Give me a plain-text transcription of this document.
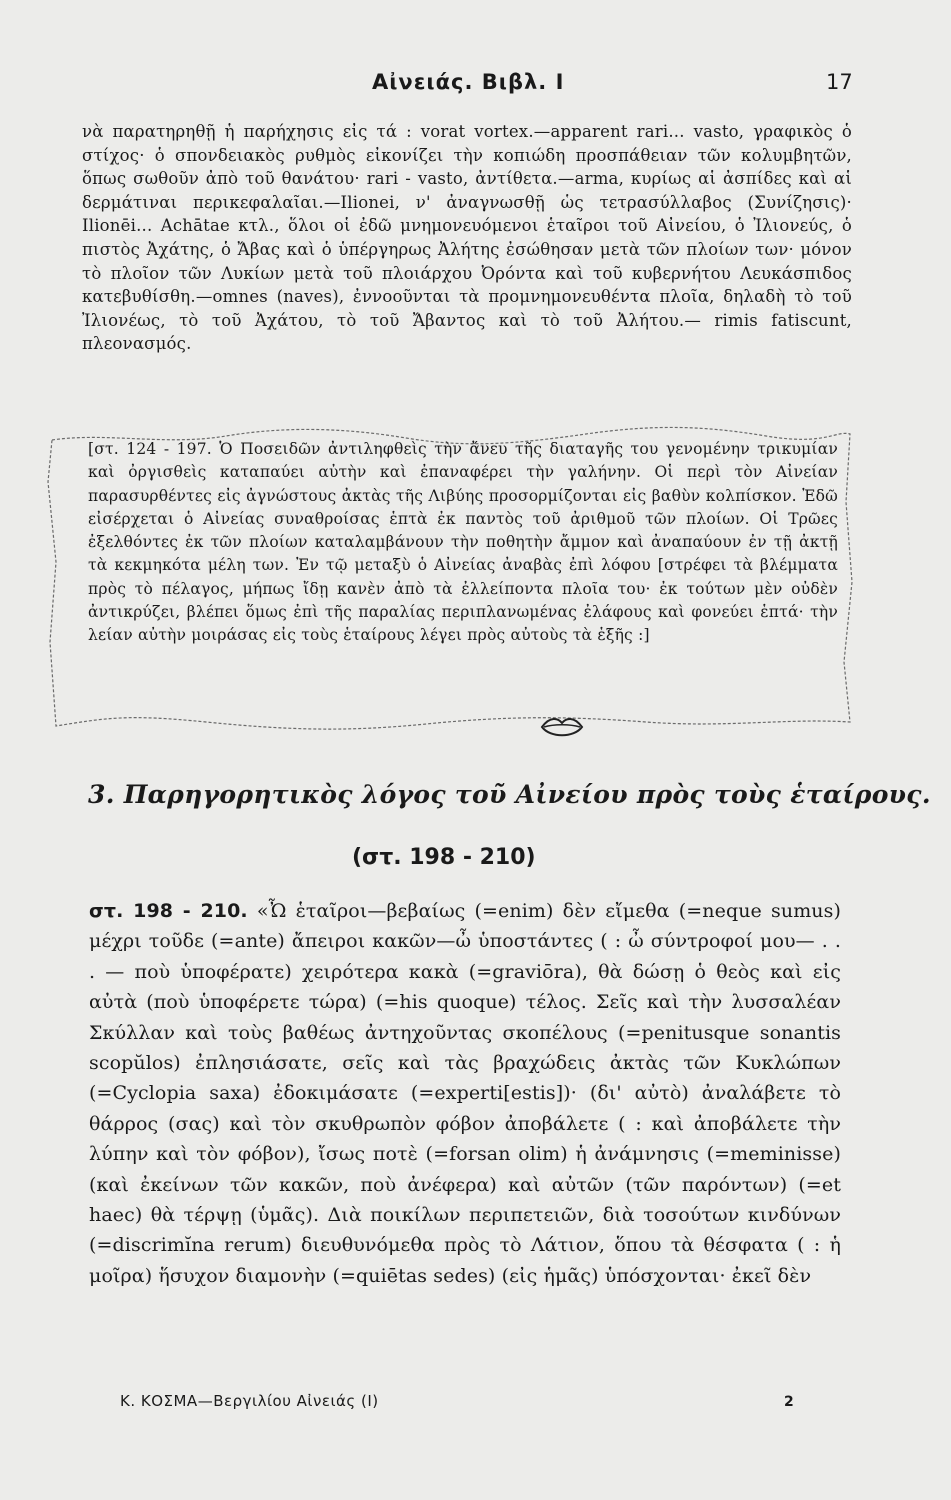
Αἰνειάς. Βιβλ. I	17

νὰ παρατηρηθῇ ἡ παρήχησις εἰς τά : vorat vortex.—apparent rari... vasto, γραφικὸς ὁ στίχος· ὁ σπονδειακὸς ρυθμὸς εἰκονίζει τὴν κοπιώδη προσπάθειαν τῶν κολυμβητῶν, ὅπως σωθοῦν ἀπὸ τοῦ θανάτου· rari - vasto, ἀντίθετα.—arma, κυρίως αἱ ἀσπίδες καὶ αἱ δερμάτιναι περικεφαλαῖαι.—Ilionei, ν' ἀναγνωσθῇ ὡς τετρασύλλαβος (Συνίζησις)· Ilionēi... Achātae κτλ., ὅλοι οἱ ἐδῶ μνημονευόμενοι ἑταῖροι τοῦ Αἰνείου, ὁ Ἰλιονεύς, ὁ πιστὸς Ἀχάτης, ὁ Ἄβας καὶ ὁ ὑπέργηρως Ἀλήτης ἐσώθησαν μετὰ τῶν πλοίων των· μόνον τὸ πλοῖον τῶν Λυκίων μετὰ τοῦ πλοιάρχου Ὀρόντα καὶ τοῦ κυβερνήτου Λευκάσπιδος κατεβυθίσθη.—omnes (naves), ἐννοοῦνται τὰ προμνημονευθέντα πλοῖα, δηλαδὴ τὸ τοῦ Ἰλιονέως, τὸ τοῦ Ἀχάτου, τὸ τοῦ Ἄβαντος καὶ τὸ τοῦ Ἀλήτου.— rimis fatiscunt, πλεονασμός.

[στ. 124 - 197. Ὁ Ποσειδῶν ἀντιληφθεὶς τὴν ἄνευ τῆς διαταγῆς του γενομένην τρικυμίαν καὶ ὀργισθεὶς καταπαύει αὐτὴν καὶ ἐπαναφέρει τὴν γαλήνην. Οἱ περὶ τὸν Αἰνείαν παρασυρθέντες εἰς ἀγνώστους ἀκτὰς τῆς Λιβύης προσορμίζονται εἰς βαθὺν κολπίσκον. Ἐδῶ εἰσέρχεται ὁ Αἰνείας συναθροίσας ἑπτὰ ἐκ παντὸς τοῦ ἀριθμοῦ τῶν πλοίων. Οἱ Τρῶες ἐξελθόντες ἐκ τῶν πλοίων καταλαμβάνουν τὴν ποθητὴν ἄμμον καὶ ἀναπαύουν ἐν τῇ ἀκτῇ τὰ κεκμηκότα μέλη των. Ἐν τῷ μεταξὺ ὁ Αἰνείας ἀναβὰς ἐπὶ λόφου [στρέφει τὰ βλέμματα πρὸς τὸ πέλαγος, μήπως ἴδῃ κανὲν ἀπὸ τὰ ἐλλείποντα πλοῖα του· ἐκ τούτων μὲν οὐδὲν ἀντικρύζει, βλέπει ὅμως ἐπὶ τῆς παραλίας περιπλανωμένας ἐλάφους καὶ φονεύει ἑπτά· τὴν λείαν αὐτὴν μοιράσας εἰς τοὺς ἑταίρους λέγει πρὸς αὐτοὺς τὰ ἑξῆς :]

3. Παρηγορητικὸς λόγος τοῦ Αἰνείου πρὸς τοὺς ἑταίρους.
(στ. 198 - 210)

στ. 198 - 210. «Ὦ ἑταῖροι—βεβαίως (=enim) δὲν εἴμεθα (=neque sumus) μέχρι τοῦδε (=ante) ἄπειροι κακῶν—ὦ ὑποστάντες ( : ὦ σύντροφοί μου— . . . — ποὺ ὑποφέρατε) χειρότερα κακὰ (=graviōra), θὰ δώσῃ ὁ θεὸς καὶ εἰς αὐτὰ (ποὺ ὑποφέρετε τώρα) (=his quoque) τέλος. Σεῖς καὶ τὴν λυσσαλέαν Σκύλλαν καὶ τοὺς βαθέως ἀντηχοῦντας σκοπέλους (=penitusque sonantis scopŭlos) ἐπλησιάσατε, σεῖς καὶ τὰς βραχώδεις ἀκτὰς τῶν Κυκλώπων (=Cyclopia saxa) ἐδοκιμάσατε (=experti[estis])· (δι' αὐτὸ) ἀναλάβετε τὸ θάρρος (σας) καὶ τὸν σκυθρωπὸν φόβον ἀποβάλετε ( : καὶ ἀποβάλετε τὴν λύπην καὶ τὸν φόβον), ἴσως ποτὲ (=forsan olim) ἡ ἀνάμνησις (=meminisse) (καὶ ἐκείνων τῶν κακῶν, ποὺ ἀνέφερα) καὶ αὐτῶν (τῶν παρόντων) (=et haec) θὰ τέρψῃ (ὑμᾶς). Διὰ ποικίλων περιπετειῶν, διὰ τοσούτων κινδύνων (=discrimĭna rerum) διευθυνόμεθα πρὸς τὸ Λάτιον, ὅπου τὰ θέσφατα ( : ἡ μοῖρα) ἥσυχον διαμονὴν (=quiētas sedes) (εἰς ἡμᾶς) ὑπόσχονται· ἐκεῖ δὲν

Κ. ΚΟΣΜΑ—Βεργιλίου Αἰνειάς (I)	2
